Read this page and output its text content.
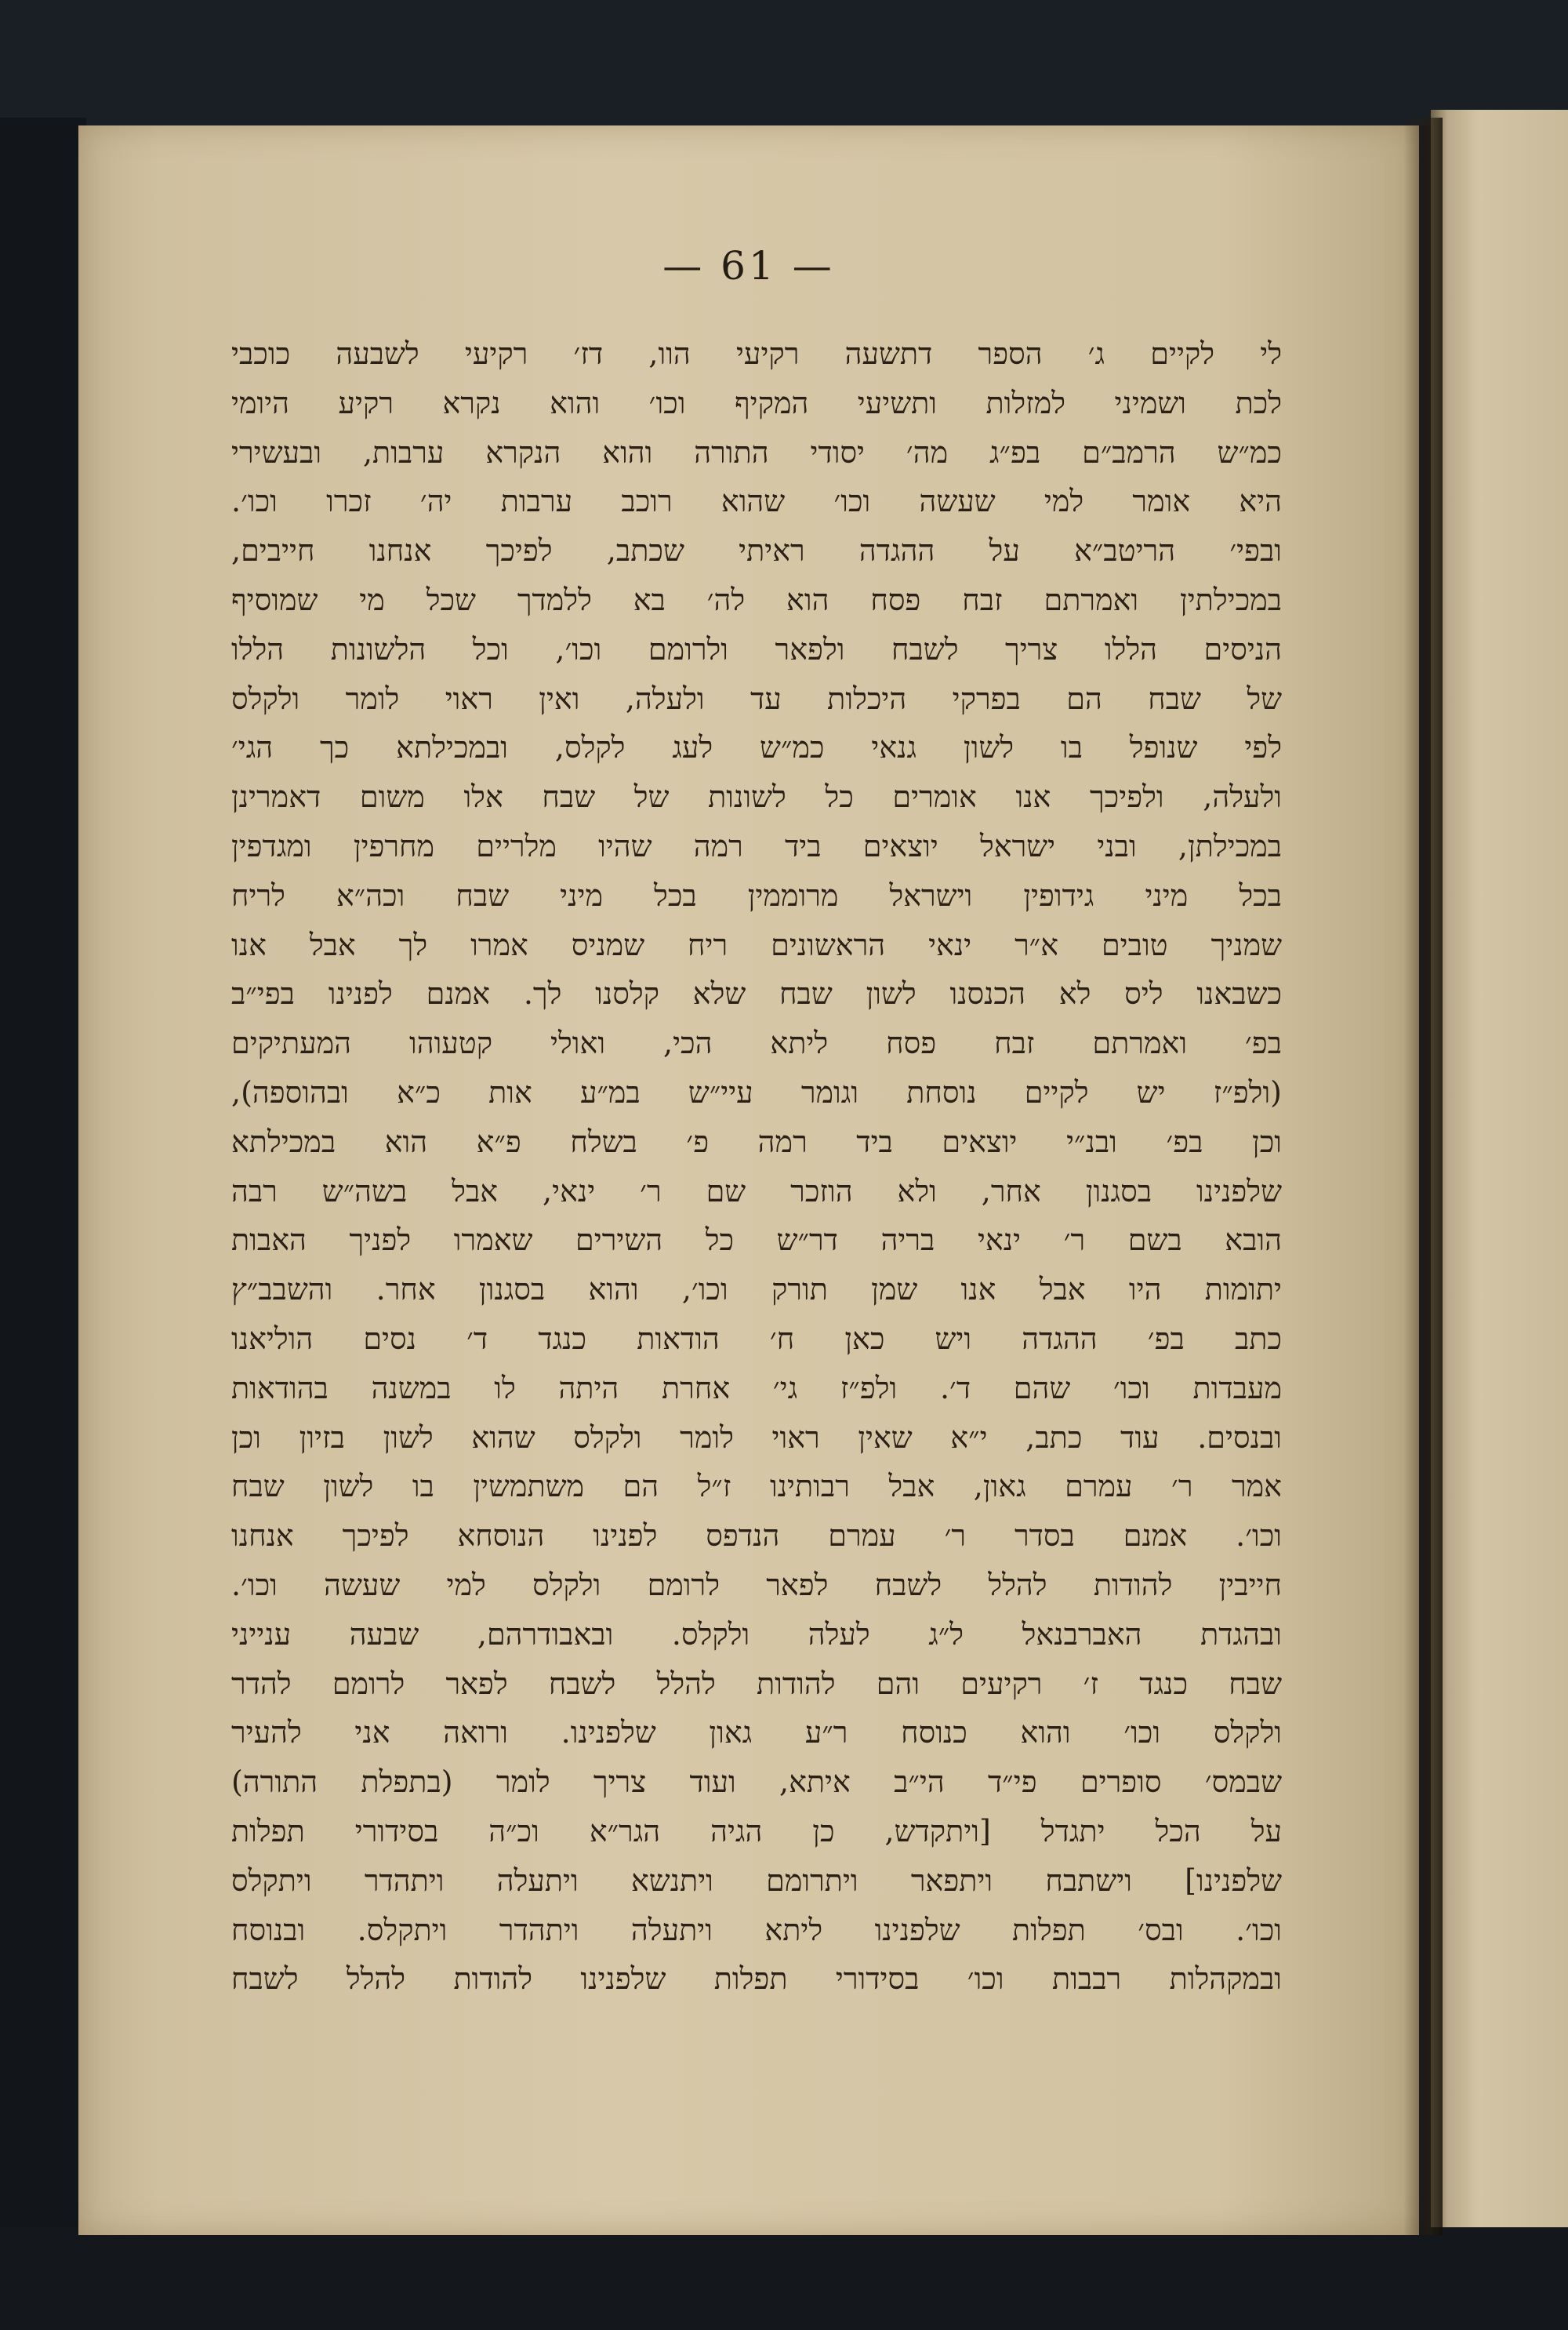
— 61 —
לי לקיים ג׳ הספר דתשעה רקיעי הוו, דז׳ רקיעי לשבעה כוכבי
לכת ושמיני למזלות ותשיעי המקיף וכו׳ והוא נקרא רקיע היומי
כמ״ש הרמב״ם בפ״ג מה׳ יסודי התורה והוא הנקרא ערבות, ובעשירי
היא אומר למי שעשה וכו׳ שהוא רוכב ערבות יה׳ זכרו וכו׳.
ובפי׳ הריטב״א על ההגדה ראיתי שכתב, לפיכך אנחנו חייבים,
במכילתין ואמרתם זבח פסח הוא לה׳ בא ללמדך שכל מי שמוסיף
הניסים הללו צריך לשבח ולפאר ולרומם וכו׳, וכל הלשונות הללו
של שבח הם בפרקי היכלות עד ולעלה, ואין ראוי לומר ולקלס
לפי שנופל בו לשון גנאי כמ״ש לעג לקלס, ובמכילתא כך הגי׳
ולעלה, ולפיכך אנו אומרים כל לשונות של שבח אלו משום דאמרינן
במכילתן, ובני ישראל יוצאים ביד רמה שהיו מלריים מחרפין ומגדפין
בכל מיני גידופין וישראל מרוממין בכל מיני שבח וכה״א לריח
שמניך טובים א״ר ינאי הראשונים ריח שמניס אמרו לך אבל אנו
כשבאנו ליס לא הכנסנו לשון שבח שלא קלסנו לך. אמנם לפנינו בפי״ב
בפ׳ ואמרתם זבח פסח ליתא הכי, ואולי קטעוהו המעתיקים
(ולפ״ז יש לקיים נוסחת וגומר עיי״ש במ״ע אות כ״א ובהוספה),
וכן בפ׳ ובנ״י יוצאים ביד רמה פ׳ בשלח פ״א הוא במכילתא
שלפנינו בסגנון אחר, ולא הוזכר שם ר׳ ינאי, אבל בשה״ש רבה
הובא בשם ר׳ ינאי בריה דר״ש כל השירים שאמרו לפניך האבות
יתומות היו אבל אנו שמן תורק וכו׳, והוא בסגנון אחר. והשבב״ץ
כתב בפ׳ ההגדה ויש כאן ח׳ הודאות כנגד ד׳ נסים הוליאנו
מעבדות וכו׳ שהם ד׳. ולפ״ז גי׳ אחרת היתה לו במשנה בהודאות
ובנסים. עוד כתב, י״א שאין ראוי לומר ולקלס שהוא לשון בזיון וכן
אמר ר׳ עמרם גאון, אבל רבותינו ז״ל הם משתמשין בו לשון שבח
וכו׳. אמנם בסדר ר׳ עמרם הנדפס לפנינו הנוסחא לפיכך אנחנו
חייבין להודות להלל לשבח לפאר לרומם ולקלס למי שעשה וכו׳.
ובהגדת האברבנאל ל״ג לעלה ולקלס. ובאבודרהם, שבעה ענייני
שבח כנגד ז׳ רקיעים והם להודות להלל לשבח לפאר לרומם להדר
ולקלס וכו׳ והוא כנוסח ר״ע גאון שלפנינו. ורואה אני להעיר
שבמס׳ סופרים פי״ד הי״ב איתא, ועוד צריך לומר (בתפלת התורה)
על הכל יתגדל [ויתקדש, כן הגיה הגר״א וכ״ה בסידורי תפלות
שלפנינו] וישתבח ויתפאר ויתרומם ויתנשא ויתעלה ויתהדר ויתקלס
וכו׳. ובס׳ תפלות שלפנינו ליתא ויתעלה ויתהדר ויתקלס. ובנוסח
ובמקהלות רבבות וכו׳ בסידורי תפלות שלפנינו להודות להלל לשבח
